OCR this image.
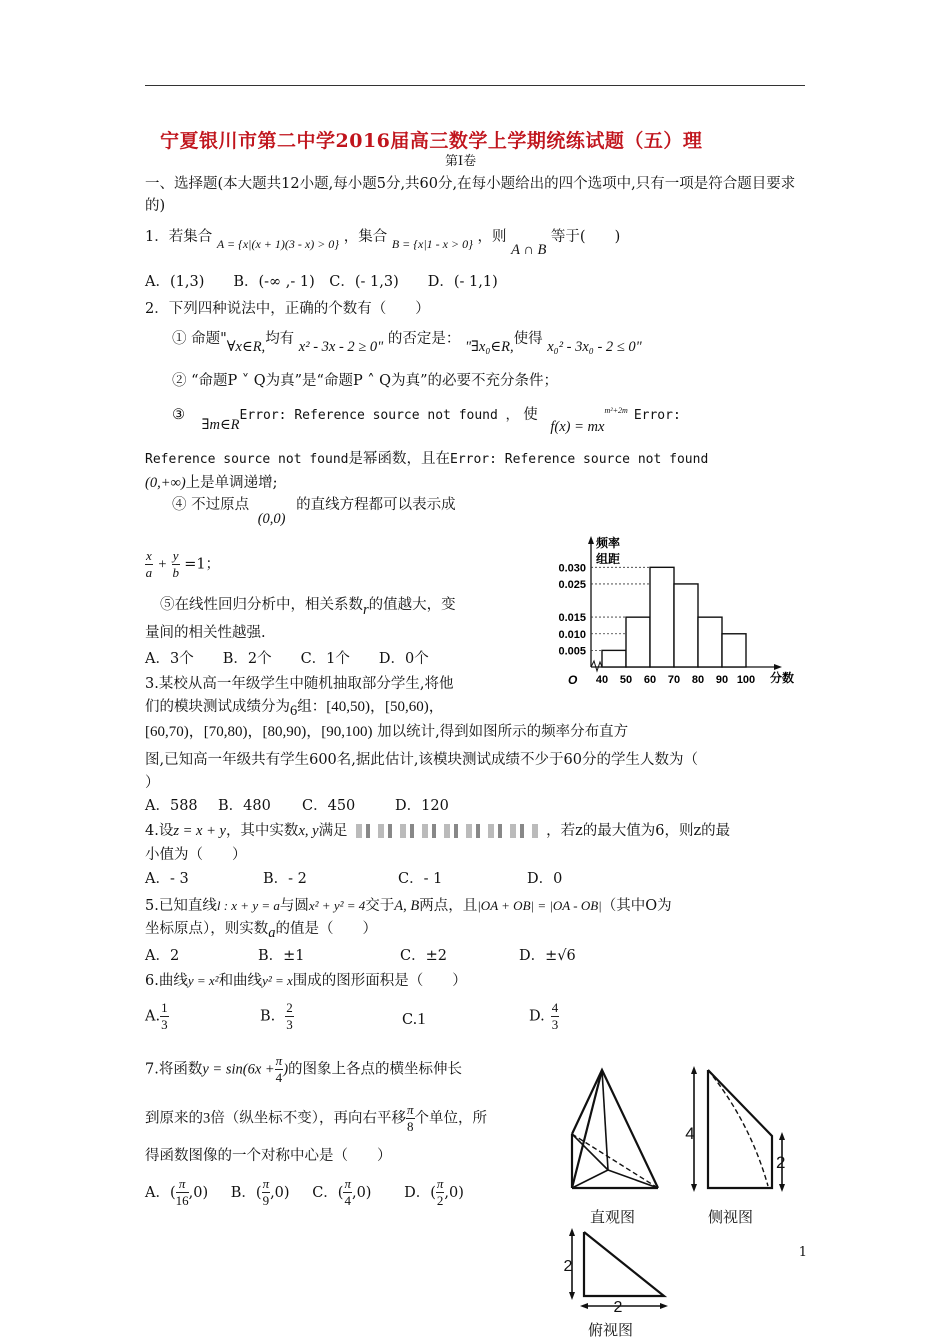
宁夏银川市第二中学2016届高三数学上学期统练试题（五）理
第Ⅰ卷
一、选择题(本大题共12小题,每小题5分,共60分,在每小题给出的四个选项中,只有一项是符合题目要求的)
1．若集合 $_{A = \{x|(x + 1)(3 - x) > 0\}}$ ，集合 $_{B = \{x|1 - x > 0\}}$ ，则 A ∩ B 等于(　　)
A．(1,3)　　B．(-∞ ,- 1)　C．(- 1,3)　　D．(- 1,1)
2．下列四种说法中，正确的个数有（　　）
① 命题"∀x∈R,均有 x² - 3x - 2 ≥ 0" 的否定是： "∃x₀∈R,使得 x₀² - 3x₀ - 2 ≤ 0"
② “命题P ˅ Q为真”是“命题P ˄ Q为真”的必要不充分条件；
③ ∃m∈RError: Reference source not found ， 使 $f(x) = mx^{m^2+2m}$ Error:
Reference source not found是幂函数，且在Error: Reference source not found
(0,+∞)上是单调递增;
④ 不过原点 (0,0) 的直线方程都可以表示成
$\frac{x}{a} + \frac{y}{b} =1$；
⑤在线性回归分析中，相关系数r的值越大，变
量间的相关性越强.
A．3个　　B．2个　　C．1个　　D．0个
频率
组距
O	分数
0.030
0.025
0.015
0.010
0.005
40 50 60 70 80 90 100
3.某校从高一年级学生中随机抽取部分学生,将他
们的模块测试成绩分为6组：[40,50)，[50,60)，
[60,70)，[70,80)，[80,90)，[90,100) 加以统计,得到如图所示的频率分布直方
图,已知高一年级共有学生600名,据此估计,该模块测试成绩不少于60分的学生人数为（
）
A．588 B．480 C．450	D．120
4.设z = x + y，其中实数x, y满足	，若z的最大值为6，则z的最
小值为（　　）
A．- 3	B．- 2	C．- 1	D．0
5.已知直线l : x + y = a与圆x² + y² = 4交于A, B两点，且|OA + OB| = |OA - OB|（其中O为
坐标原点），则实数a的值是（　　）
A．2	B．±1	C．±2	D．±√6
6.曲线y = x²和曲线y² = x围成的图形面积是（　　）
A. $\frac{1}{3}$	B. $\frac{2}{3}$	C.1	D. $\frac{4}{3}$
7.将函数$y = \sin(6x + \frac{\pi}{4}$ )的图象上各点的横坐标伸长
到原来的3倍（纵坐标不变），再向右平移 $\frac{\pi}{8}$ 个单位，所
得函数图像的一个对称中心是（　　）
A．( $\frac{\pi}{16} ,0$) B．( $\frac{\pi}{9} ,0$) C．( $\frac{\pi}{4} ,0$) D．( $\frac{\pi}{2} ,0$)
直观图
4
2
侧视图
2
2
俯视图
1
